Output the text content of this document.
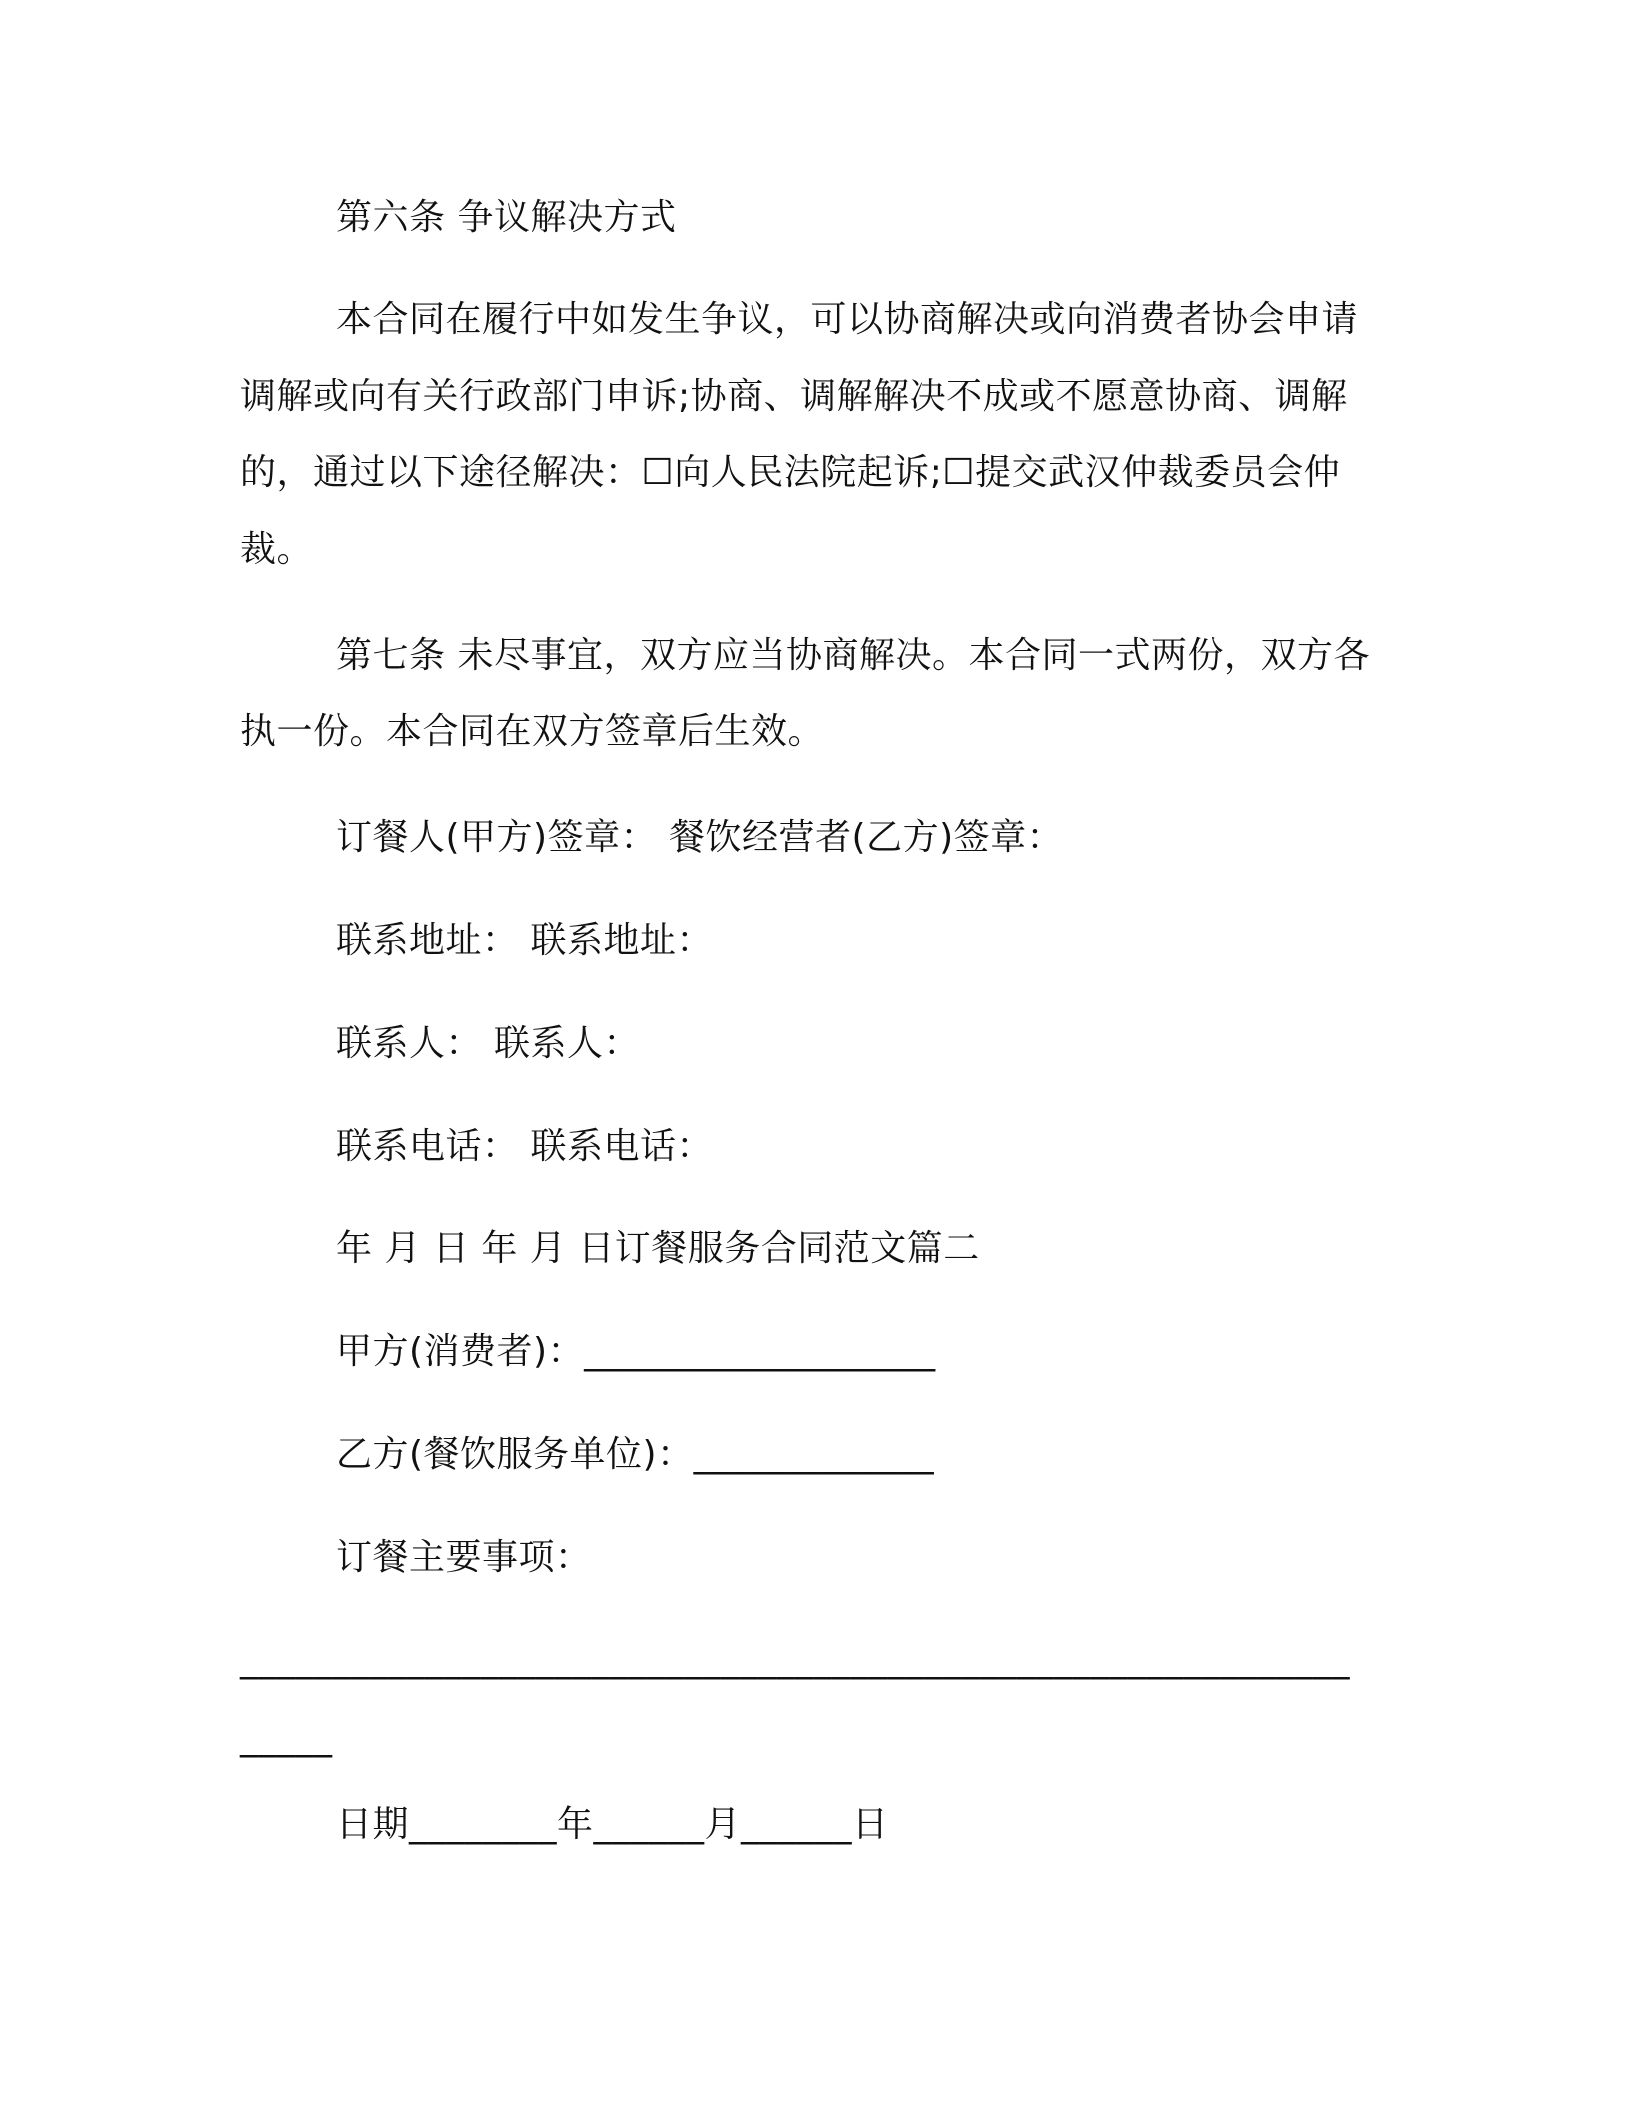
第六条 争议解决方式
本合同在履行中如发生争议，可以协商解决或向消费者协会申请
调解或向有关行政部门申诉;协商、调解解决不成或不愿意协商、调解
的，通过以下途径解决：☐向人民法院起诉;☐提交武汉仲裁委员会仲
裁。
第七条 未尽事宜，双方应当协商解决。本合同一式两份，双方各
执一份。本合同在双方签章后生效。
订餐人(甲方)签章： 餐饮经营者(乙方)签章：
联系地址： 联系地址：
联系人： 联系人：
联系电话： 联系电话：
年 月 日 年 月 日订餐服务合同范文篇二
甲方(消费者)：___________________
乙方(餐饮服务单位)：_____________
订餐主要事项：
____________________________________________________________
_____
日期________年______月______日
